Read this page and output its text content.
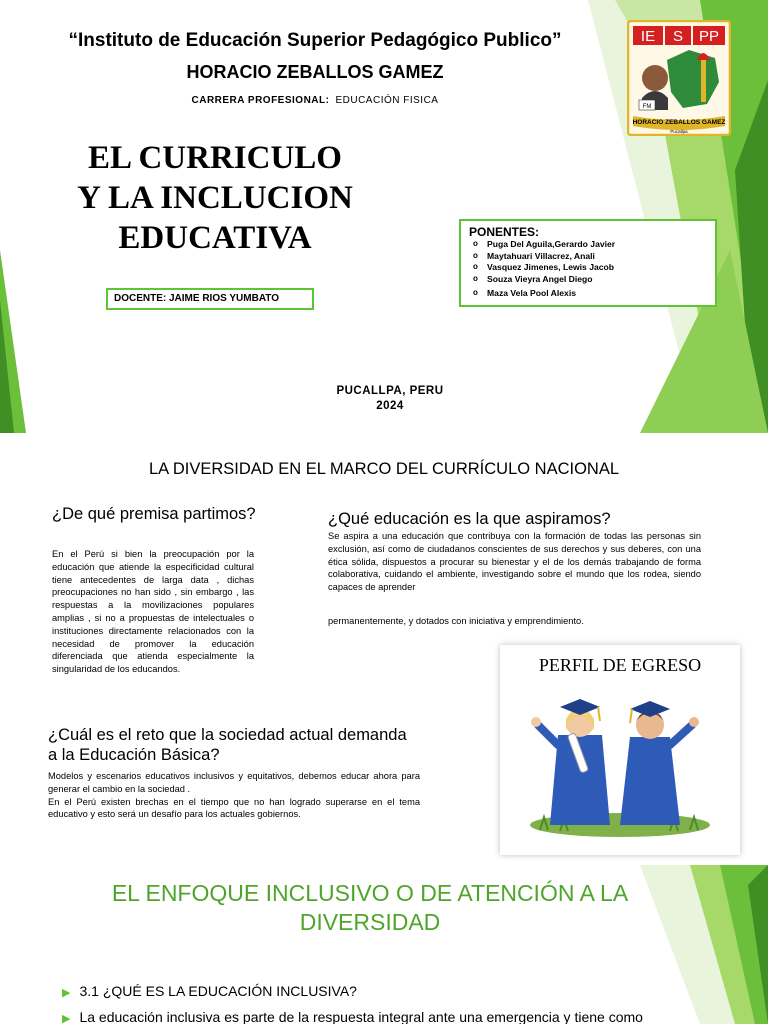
“Instituto de Educación Superior Pedagógico Publico”
HORACIO ZEBALLOS GAMEZ
CARRERA PROFESIONAL: EDUCACIÓN FISICA
EL CURRICULO
Y LA INCLUCION
EDUCATIVA
DOCENTE: JAIME RIOS YUMBATO
PONENTES:
o Puga Del Aguila,Gerardo Javier
o Maytahuari Villacrez, Anali
o Vasquez Jimenes, Lewis Jacob
o Souza Vieyra Angel Diego
o Maza Vela Pool Alexis
PUCALLPA, PERU
2024
IE S PP
FM
HORACIO ZEBALLOS GAMEZ
Pucallpa
LA DIVERSIDAD EN EL MARCO DEL CURRÍCULO NACIONAL
¿De qué premisa partimos?
En el Perú si bien la preocupación por la educación que atiende la especificidad cultural tiene antecedentes de larga data , dichas preocupaciones no han sido , sin embargo , las respuestas a la movilizaciones populares amplias , si no a propuestas de intelectuales o instituciones directamente relacionados con la necesidad de promover la educación diferenciada que atienda especialmente la singularidad de los educandos.
¿Qué educación es la que aspiramos?
Se aspira a una educación que contribuya con la formación de todas las personas sin exclusión, así como de ciudadanos conscientes de sus derechos y sus deberes, con una ética sólida, dispuestos a procurar su bienestar y el de los demás trabajando de forma colaborativa, cuidando el ambiente, investigando sobre el mundo que los rodea, siendo capaces de aprender
permanentemente, y dotados con iniciativa y emprendimiento.
¿Cuál es el reto que la sociedad actual demanda a la Educación Básica?
Modelos y escenarios educativos inclusivos y equitativos, debemos educar ahora para generar el cambio en la sociedad .
En el Perú existen brechas en el tiempo que no han logrado superarse en el tema educativo y esto será un desafío para los actuales gobiernos.
PERFIL DE EGRESO
EL ENFOQUE INCLUSIVO O DE ATENCIÓN A LA DIVERSIDAD
▶ 3.1 ¿QUÉ ES LA EDUCACIÓN INCLUSIVA?
▶ La educación inclusiva es parte de la respuesta integral ante una emergencia y tiene como
